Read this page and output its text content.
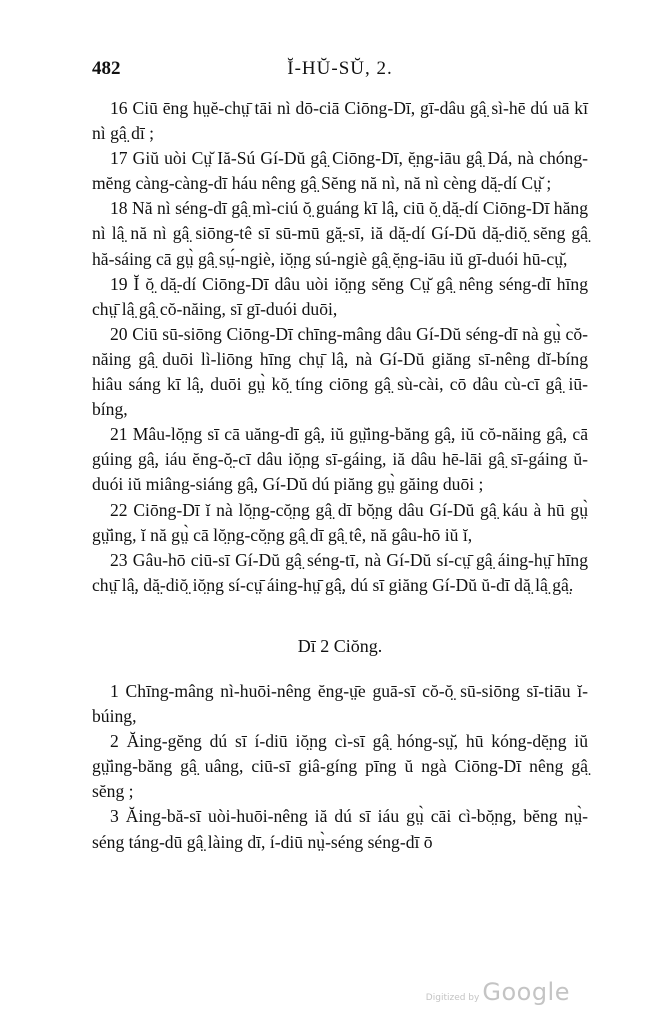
482	Ĭ-HŬ-SŬ, 2.

16 Ciū ēng hṳĕ-chṳ̄ tāi nì dō-ciā Ciōng-Dī, gī-dâu gâ̤ sì-hē dú uā kī nì gâ̤ dī ;

17 Giŭ uòi Cṳ̆ Iă-Sú Gí-Dŭ gâ̤ Ciōng-Dī, ĕ̤ng-iāu gâ̤ Dá, nà chóng-mĕng càng-càng-dī háu nêng gâ̤ Sĕng nă nì, nă nì cèng dă̤-dí Cṳ̆ ;

18 Nă nì séng-dī gâ̤ mì-ciú ŏ̤ guáng kī lâ̤, ciū ŏ̤ dă̤-dí Ciōng-Dī hăng nì lâ̤ nă nì gâ̤ siōng-tê sī sū-mū gă̤-sī, iă dă̤-dí Gí-Dŭ dă̤-diŏ̤ sĕng gâ̤ hă-sáing cā gṳ̀ gâ̤ sṳ́-ngiè, iŏ̤ng sú-ngiè gâ̤ ĕ̤ng-iāu iŭ gī-duói hū-cṳ̆,

19 Ĭ ŏ̤ dă̤-dí Ciōng-Dī dâu uòi iŏ̤ng sĕng Cṳ̆ gâ̤ nêng séng-dī hīng chṳ̄ lâ̤ gâ̤ cŏ-năing, sī gī-duói duōi,

20 Ciū sū-siōng Ciōng-Dī chīng-mâng dâu Gí-Dŭ séng-dī nà gṳ̀ cŏ-năing gâ̤ duōi lì-liōng hīng chṳ̄ lâ̤, nà Gí-Dŭ giăng sī-nêng dĭ-bíng hiâu sáng kī lâ̤, duōi gṳ̀ kŏ̤ tíng ciōng gâ̤ sù-cài, cō dâu cù-cī gâ̤ iū-bíng,

21 Mâu-lŏ̤ng sī cā uăng-dī gâ̤, iŭ gṳ̆ing-băng gâ̤, iŭ cŏ-năing gâ̤, cā gúing gâ̤, iáu ĕng-ŏ̤-cī dâu iŏ̤ng sī-gáing, iă dâu hē-lāi gâ̤ sī-gáing ŭ-duói iŭ miâng-siáng gâ̤, Gí-Dŭ dú piăng gṳ̀ găing duōi ;

22 Ciōng-Dī ĭ nà lŏ̤ng-cŏ̤ng gâ̤ dī bŏ̤ng dâu Gí-Dŭ gâ̤ káu à hū gṳ̀ gṳ̆ing, ĭ nă gṳ̀ cā lŏ̤ng-cŏ̤ng gâ̤ dī gâ̤ tê, nă gâu-hō iŭ ĭ,

23 Gâu-hō ciū-sī Gí-Dŭ gâ̤ séng-tī, nà Gí-Dŭ sí-cṳ̄ gâ̤ áing-hṳ̄ hīng chṳ̄ lâ̤, dă̤-diŏ̤ iŏ̤ng sí-cṳ̄ áing-hṳ̄ gâ̤, dú sī giăng Gí-Dŭ ŭ-dī dă̤ lâ̤ gâ̤.

Dī 2 Ciŏng.

1 Chīng-mâng nì-huōi-nêng ĕng-ṳ̄e guā-sī cŏ-ŏ̤ sū-siōng sī-tiāu ĭ-búing,

2 Ăing-gĕng dú sī í-diū iŏ̤ng cì-sī gâ̤ hóng-sṳ̆, hū kóng-dĕ̤ng iŭ gṳ̆ing-băng gâ̤ uâng, ciū-sī giâ-gíng pīng ŭ ngà Ciōng-Dī nêng gâ̤ sĕng ;

3 Ăing-bă-sī uòi-huōi-nêng iă dú sī iáu gṳ̀ cāi cì-bŏ̤ng, bĕng nṳ̀-séng táng-dū gâ̤ làing dī, í-diū nṳ̀-séng séng-dī ō

Digitized by Google
